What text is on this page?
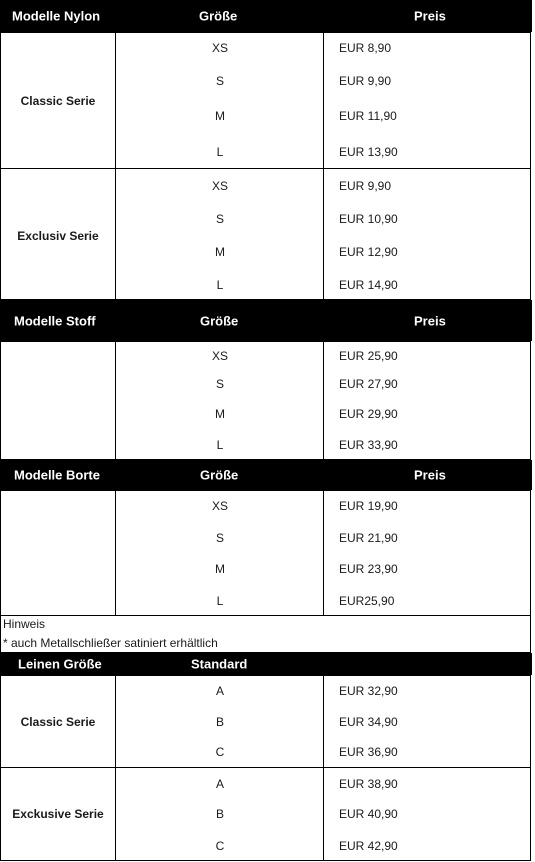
Modelle Nylon	Größe	Preis
Classic Serie
XS	EUR 8,90
S	EUR 9,90
M	EUR 11,90
L	EUR 13,90
Exclusiv Serie
XS	EUR 9,90
S	EUR 10,90
M	EUR 12,90
L	EUR 14,90
Modelle Stoff	Größe	Preis
XS	EUR 25,90
S	EUR 27,90
M	EUR 29,90
L	EUR 33,90
Modelle Borte	Größe	Preis
XS	EUR 19,90
S	EUR 21,90
M	EUR 23,90
L	EUR25,90
Hinweis
* auch Metallschließer satiniert erhältlich
Leinen Größe	Standard
Classic Serie
A	EUR 32,90
B	EUR 34,90
C	EUR 36,90
Exckusive Serie
A	EUR 38,90
B	EUR 40,90
C	EUR 42,90
